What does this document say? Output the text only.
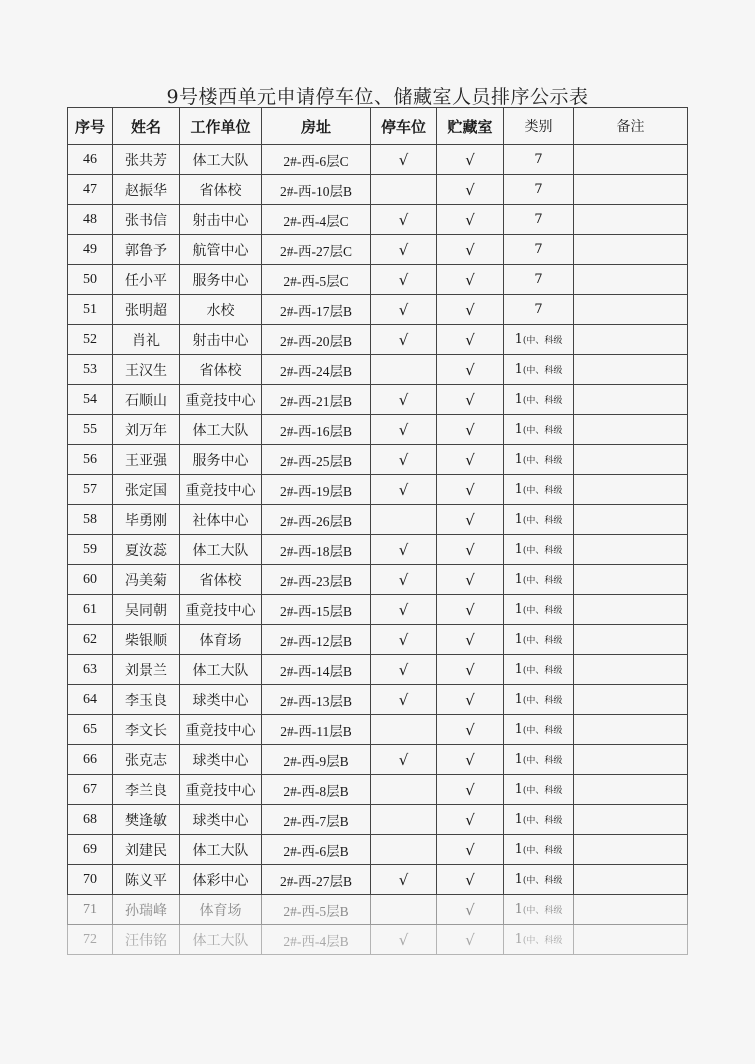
9号楼西单元申请停车位、储藏室人员排序公示表
序号	姓名	工作单位	房址	停车位	贮藏室	类别	备注
46	张共芳	体工大队	2#-西-6层C	√	√	7	
47	赵振华	省体校	2#-西-10层B		√	7	
48	张书信	射击中心	2#-西-4层C	√	√	7	
49	郭鲁予	航管中心	2#-西-27层C	√	√	7	
50	任小平	服务中心	2#-西-5层C	√	√	7	
51	张明超	水校	2#-西-17层B	√	√	7	
52	肖礼	射击中心	2#-西-20层B	√	√	1(中、科级	
53	王汉生	省体校	2#-西-24层B		√	1(中、科级	
54	石顺山	重竞技中心	2#-西-21层B	√	√	1(中、科级	
55	刘万年	体工大队	2#-西-16层B	√	√	1(中、科级	
56	王亚强	服务中心	2#-西-25层B	√	√	1(中、科级	
57	张定国	重竞技中心	2#-西-19层B	√	√	1(中、科级	
58	毕勇刚	社体中心	2#-西-26层B		√	1(中、科级	
59	夏汝蕊	体工大队	2#-西-18层B	√	√	1(中、科级	
60	冯美菊	省体校	2#-西-23层B	√	√	1(中、科级	
61	吴同朝	重竞技中心	2#-西-15层B	√	√	1(中、科级	
62	柴银顺	体育场	2#-西-12层B	√	√	1(中、科级	
63	刘景兰	体工大队	2#-西-14层B	√	√	1(中、科级	
64	李玉良	球类中心	2#-西-13层B	√	√	1(中、科级	
65	李文长	重竞技中心	2#-西-11层B		√	1(中、科级	
66	张克志	球类中心	2#-西-9层B	√	√	1(中、科级	
67	李兰良	重竞技中心	2#-西-8层B		√	1(中、科级	
68	樊逢敏	球类中心	2#-西-7层B		√	1(中、科级	
69	刘建民	体工大队	2#-西-6层B		√	1(中、科级	
70	陈义平	体彩中心	2#-西-27层B	√	√	1(中、科级	
71	孙瑞峰	体育场	2#-西-5层B		√	1(中、科级	
72	汪伟铭	体工大队	2#-西-4层B	√	√	1(中、科级	
